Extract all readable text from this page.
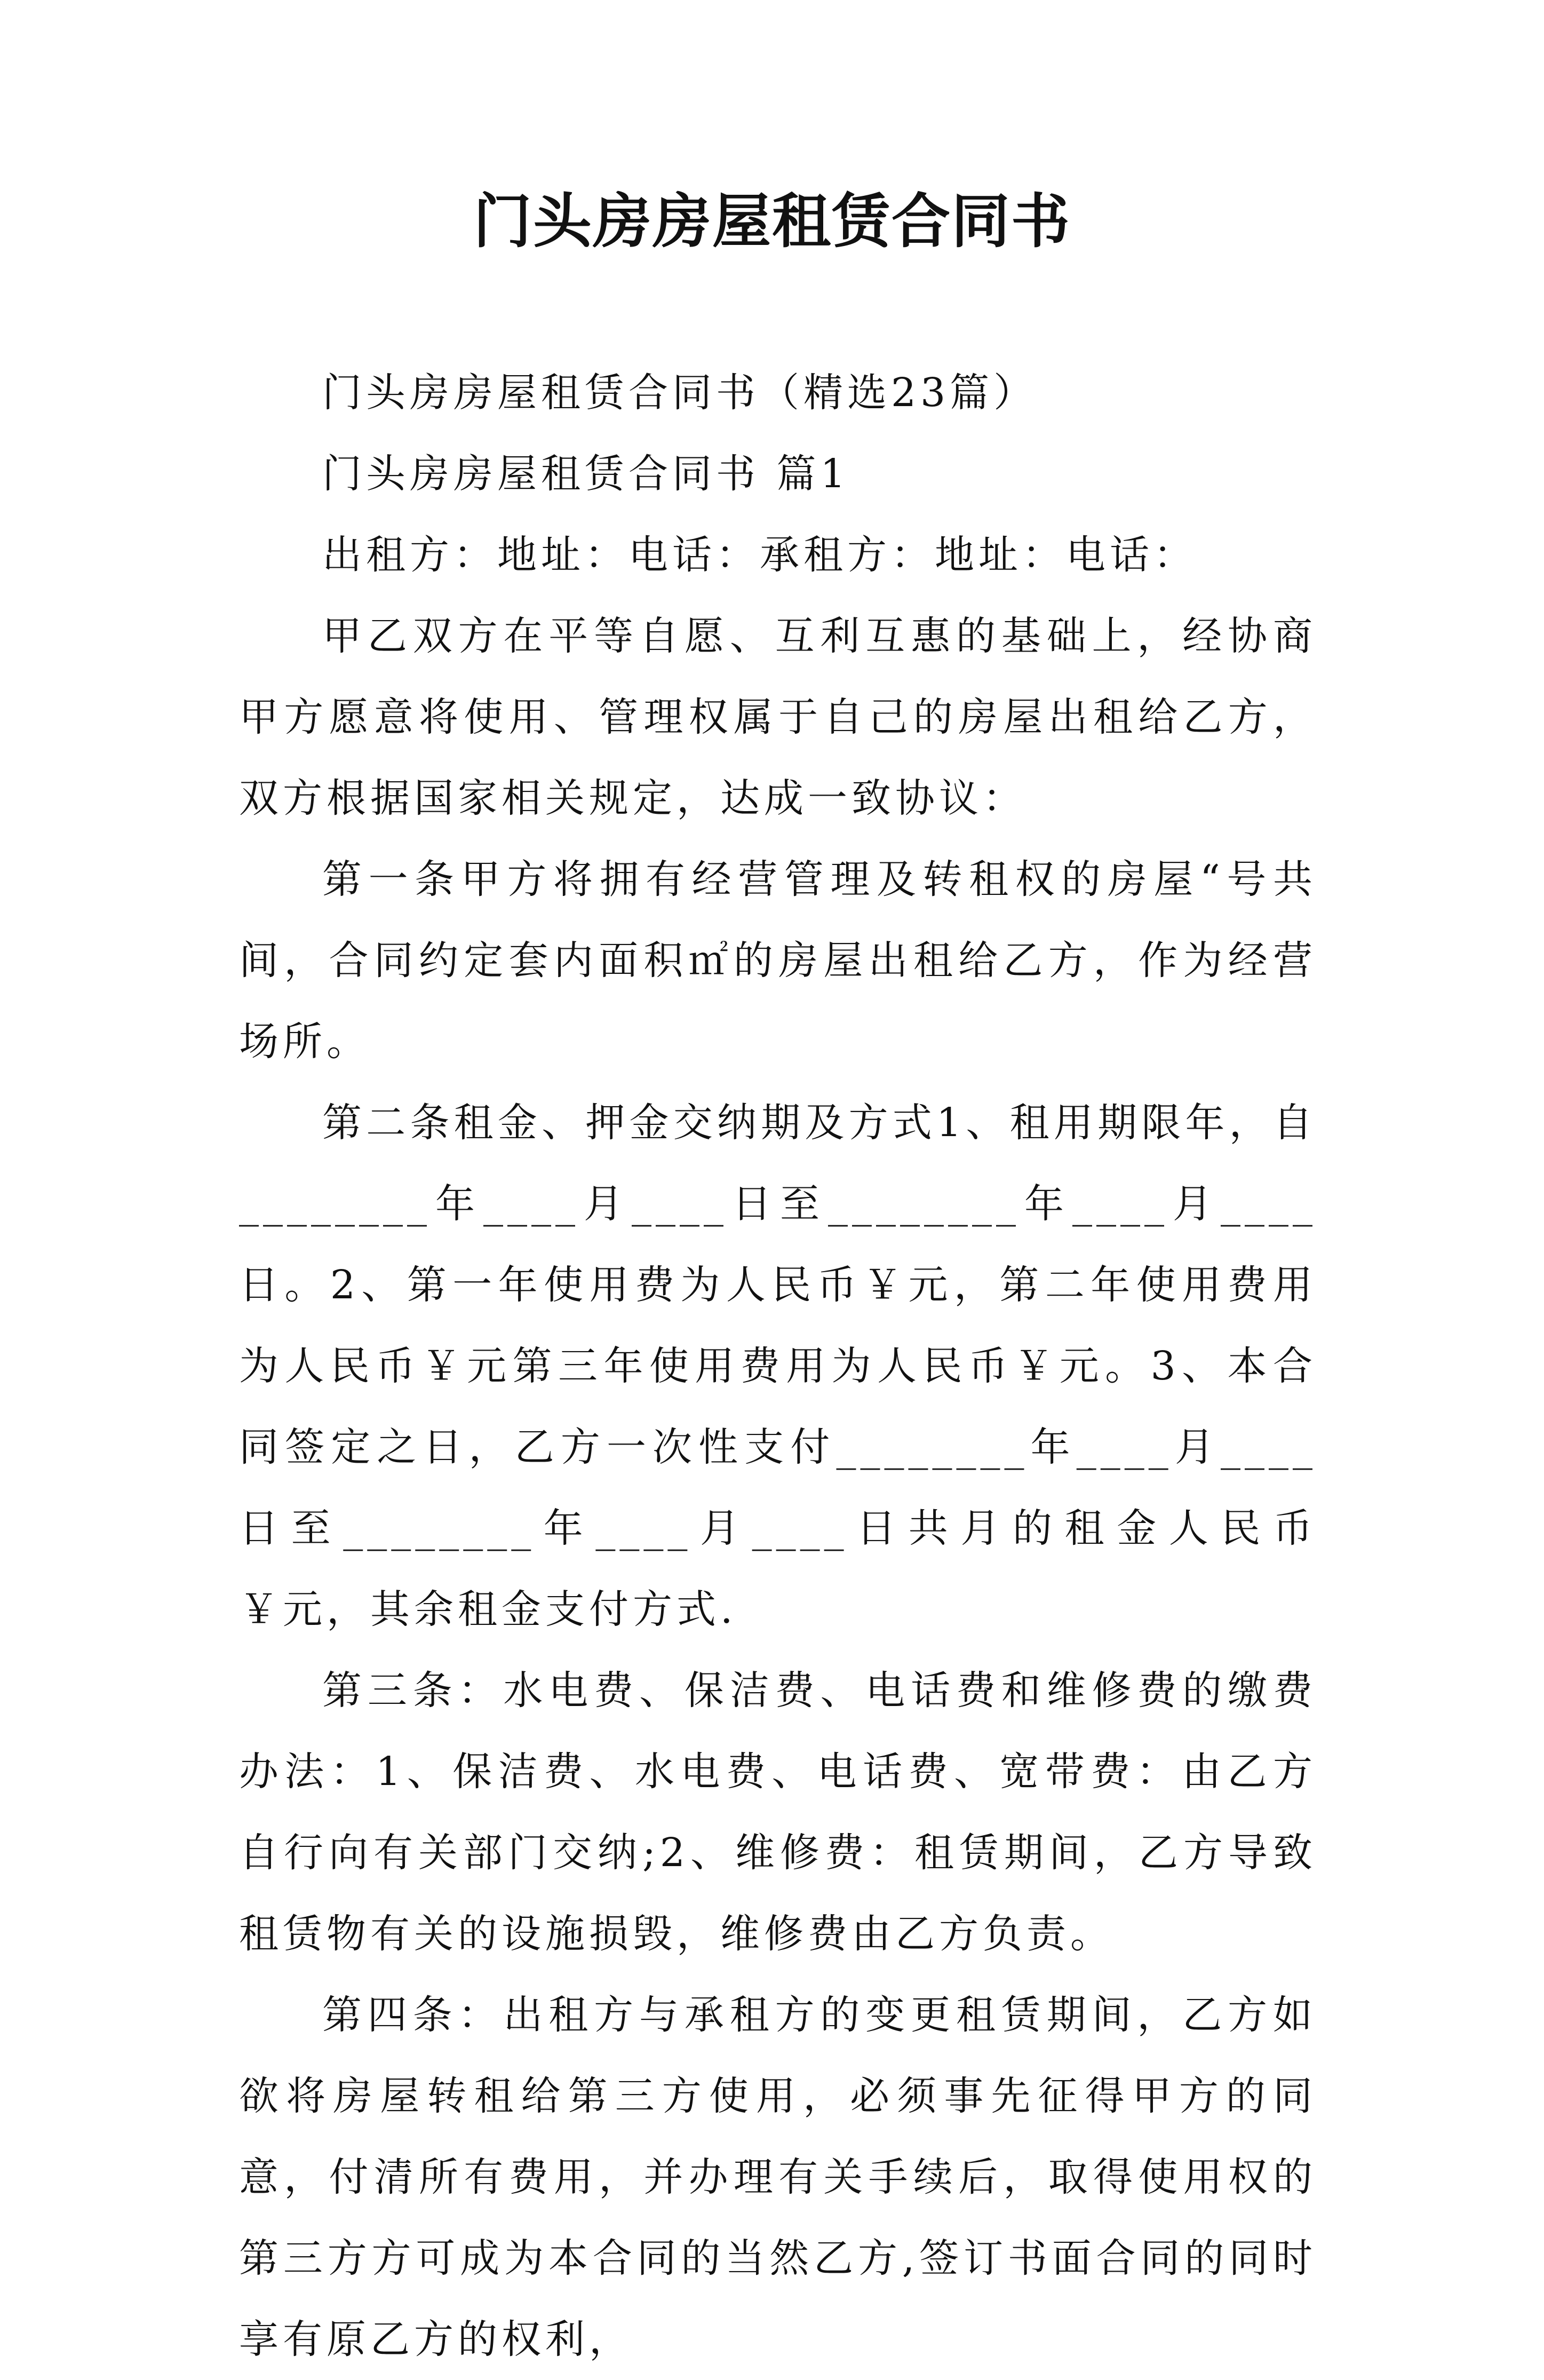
门头房房屋租赁合同书

门头房房屋租赁合同书（精选23篇）

门头房房屋租赁合同书 篇1

出租方：地址：电话：承租方：地址：电话：

甲乙双方在平等自愿、互利互惠的基础上，经协商甲方愿意将使用、管理权属于自己的房屋出租给乙方，双方根据国家相关规定，达成一致协议：

第一条甲方将拥有经营管理及转租权的房屋“号共间，合同约定套内面积㎡的房屋出租给乙方，作为经营场所。

第二条租金、押金交纳期及方式1、租用期限年，自________年____月____日至________年____月____日。2、第一年使用费为人民币￥元，第二年使用费用为人民币￥元第三年使用费用为人民币￥元。3、本合同签定之日，乙方一次性支付________年____月____日至________年____月____日共月的租金人民币￥元，其余租金支付方式.

第三条：水电费、保洁费、电话费和维修费的缴费办法：1、保洁费、水电费、电话费、宽带费：由乙方自行向有关部门交纳;2、维修费：租赁期间，乙方导致租赁物有关的设施损毁，维修费由乙方负责。

第四条：出租方与承租方的变更租赁期间，乙方如欲将房屋转租给第三方使用，必须事先征得甲方的同意，付清所有费用，并办理有关手续后，取得使用权的第三方方可成为本合同的当然乙方,签订书面合同的同时享有原乙方的权利，
